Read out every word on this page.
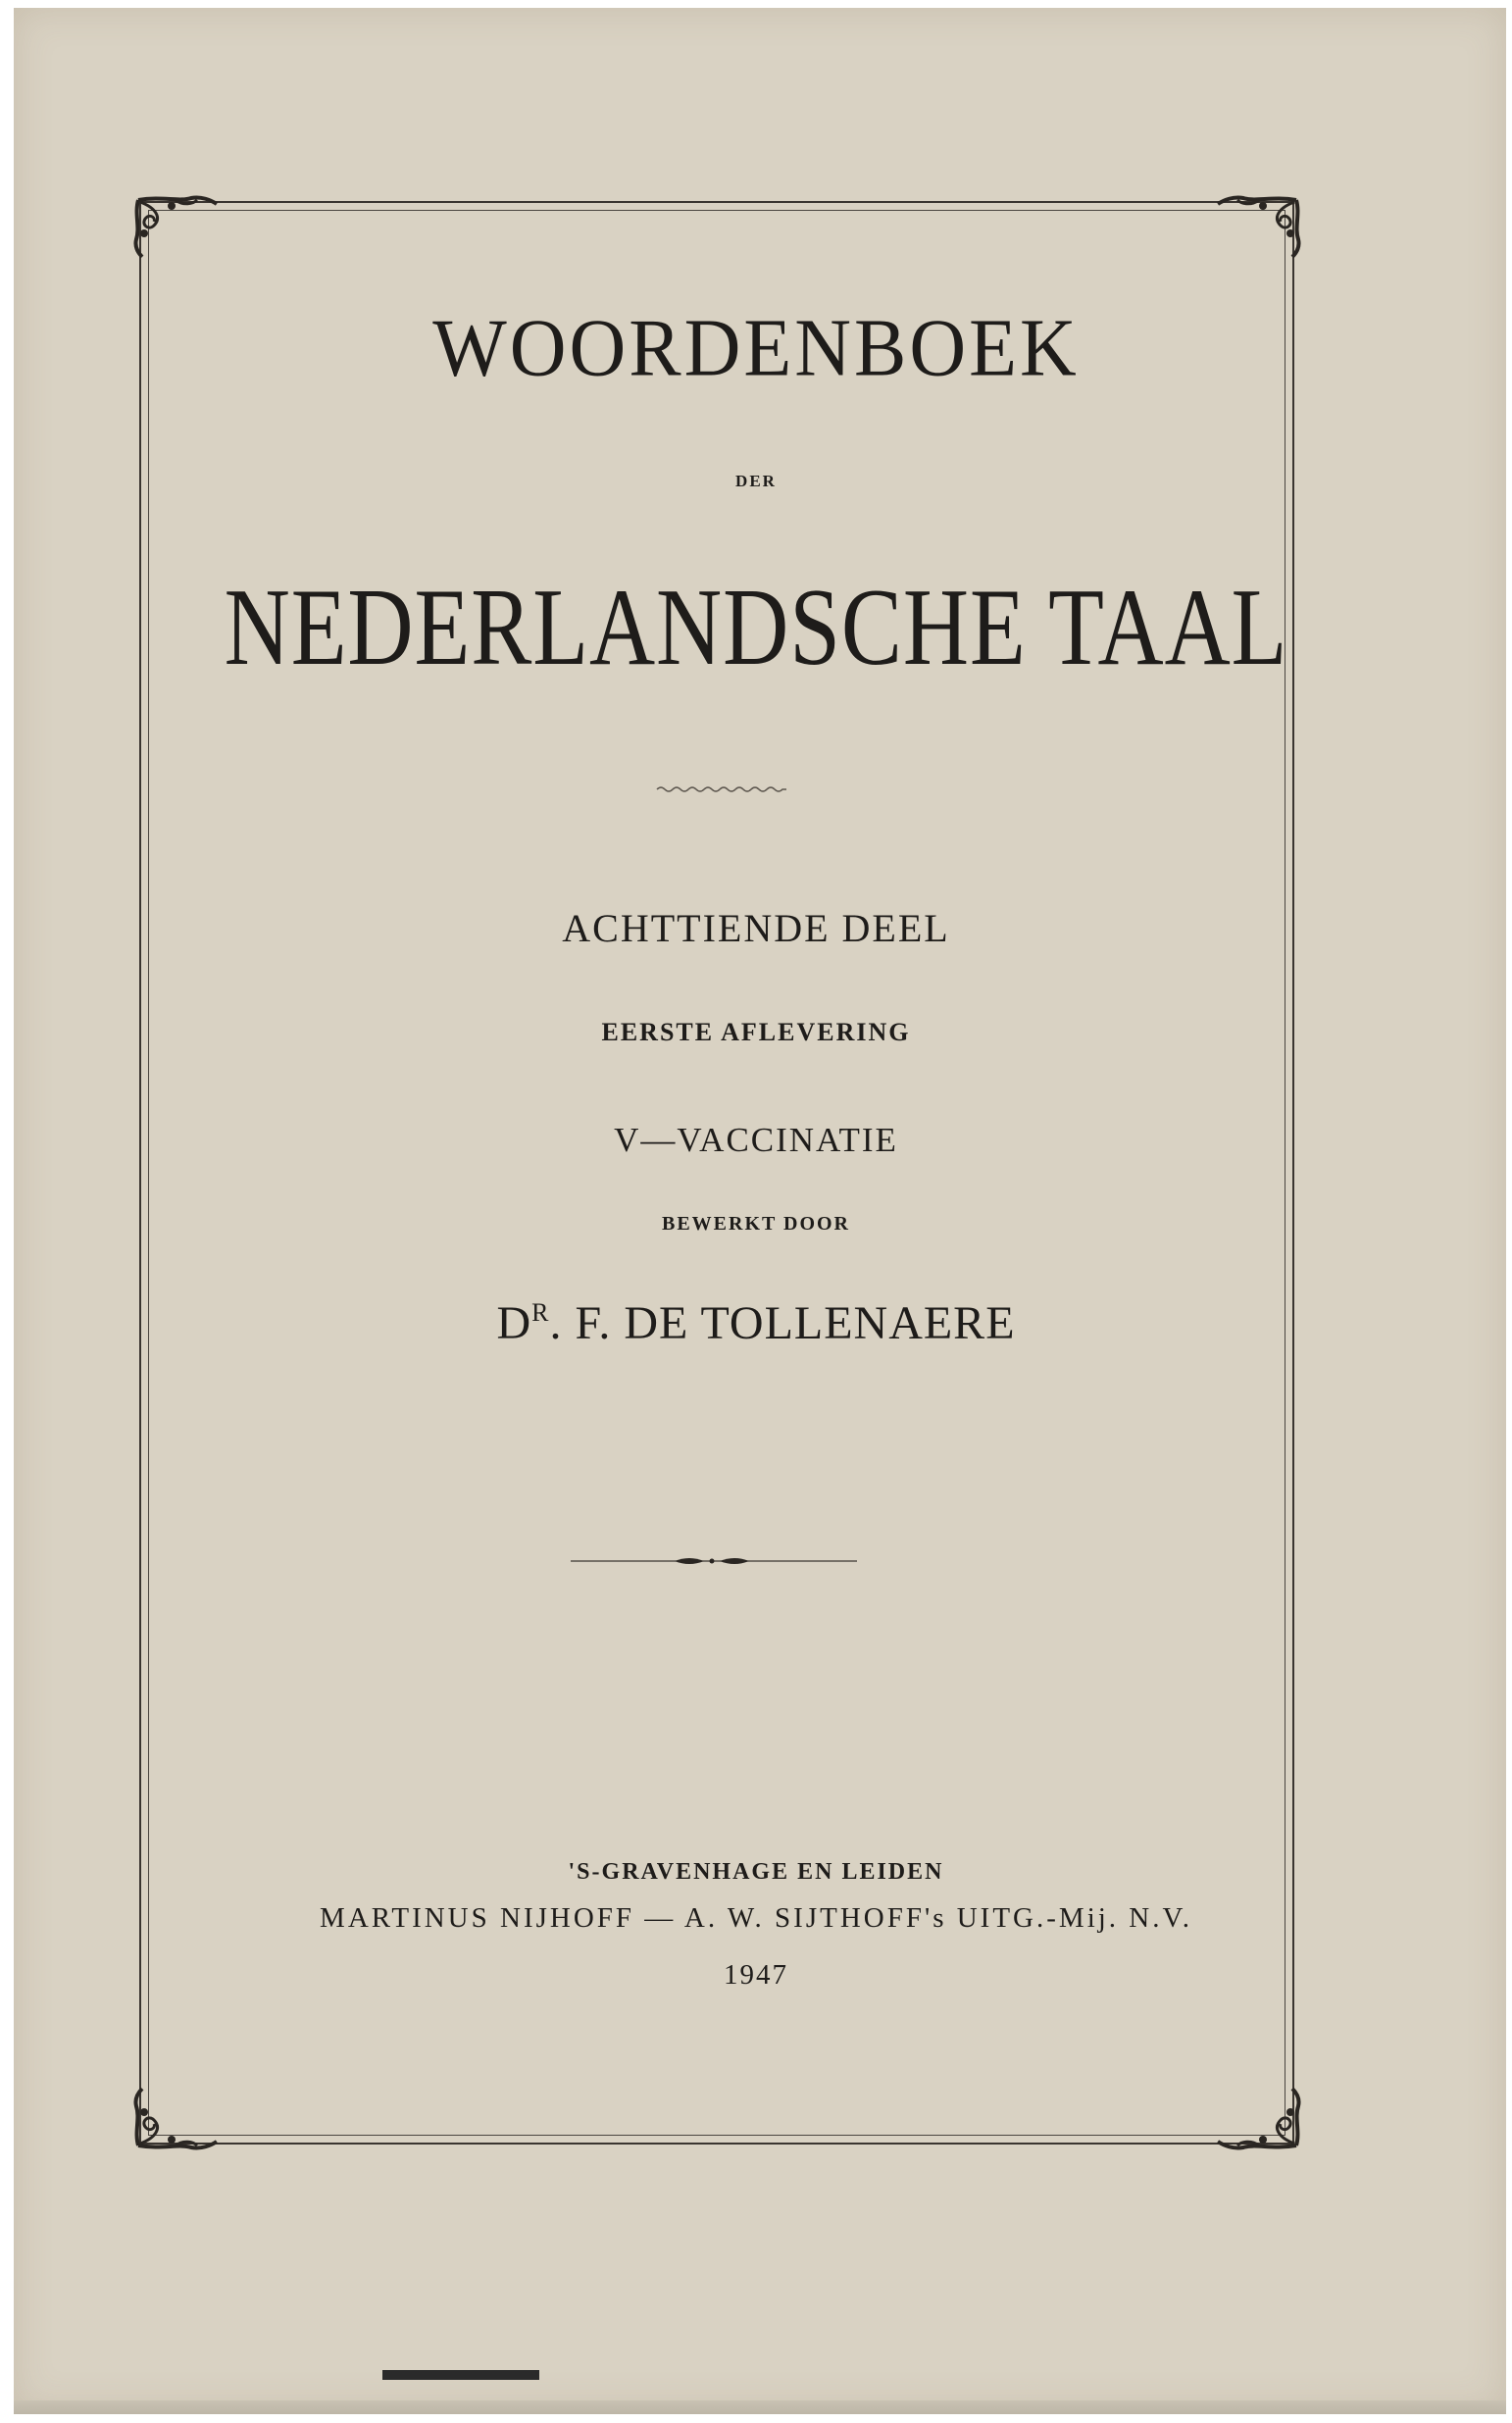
WOORDENBOEK
DER
NEDERLANDSCHE TAAL
ACHTTIENDE DEEL
EERSTE AFLEVERING
V—VACCINATIE
BEWERKT DOOR
$D^R$. F. DE TOLLENAERE
'S-GRAVENHAGE EN LEIDEN
MARTINUS NIJHOFF — A. W. SIJTHOFF's UITG.-Mij. N.V.
1947
